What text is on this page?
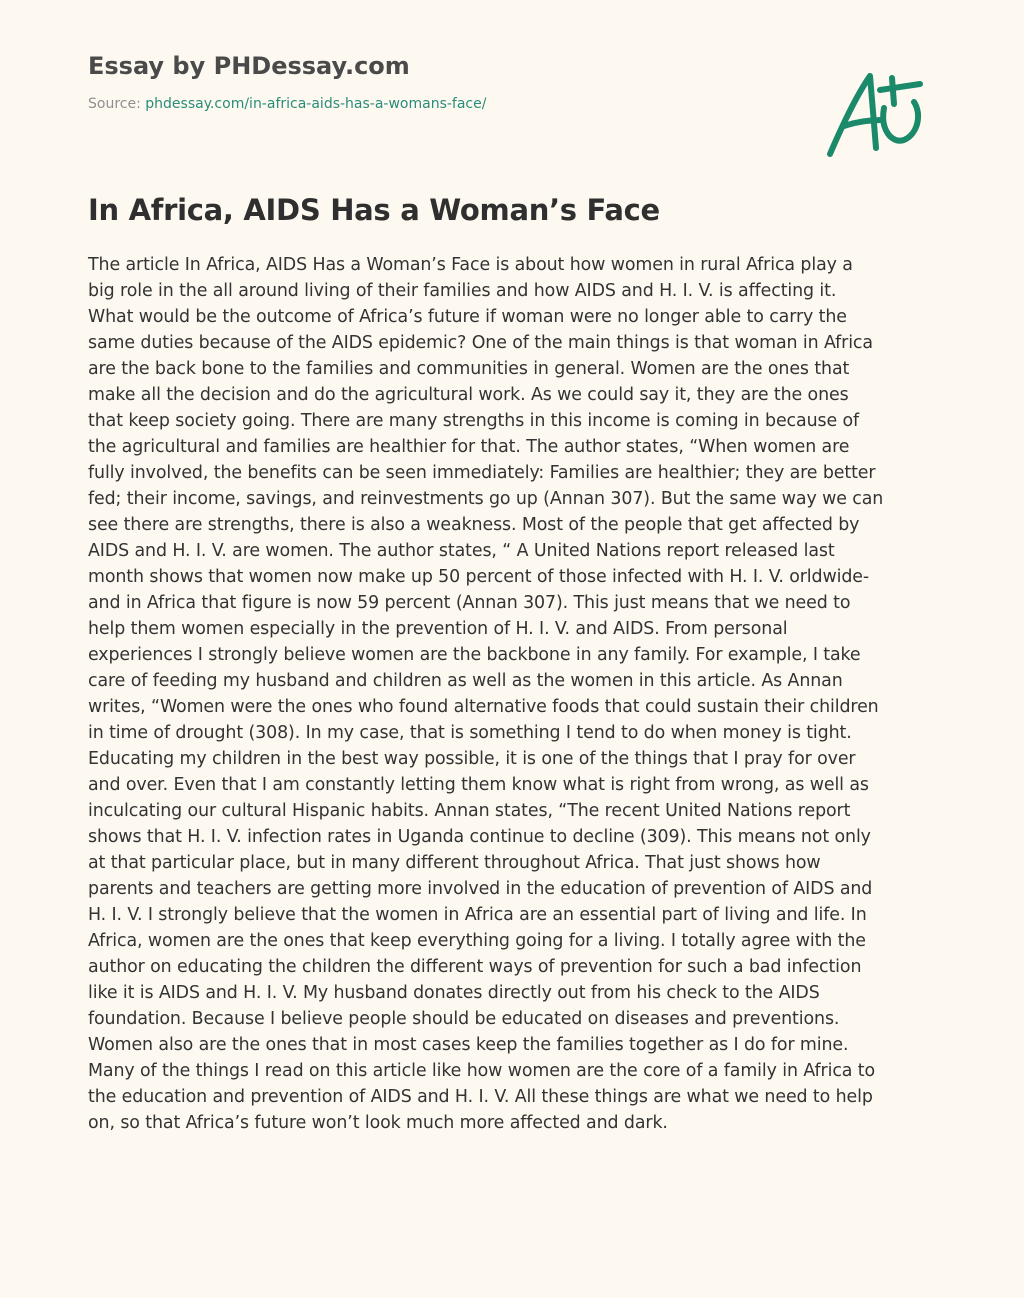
Essay by PHDessay.com
Source: phdessay.com/in-africa-aids-has-a-womans-face/
In Africa, AIDS Has a Woman’s Face
The article In Africa, AIDS Has a Woman’s Face is about how women in rural Africa play a
big role in the all around living of their families and how AIDS and H. I. V. is affecting it.
What would be the outcome of Africa’s future if woman were no longer able to carry the
same duties because of the AIDS epidemic? One of the main things is that woman in Africa
are the back bone to the families and communities in general. Women are the ones that
make all the decision and do the agricultural work. As we could say it, they are the ones
that keep society going. There are many strengths in this income is coming in because of
the agricultural and families are healthier for that. The author states, “When women are
fully involved, the benefits can be seen immediately: Families are healthier; they are better
fed; their income, savings, and reinvestments go up (Annan 307). But the same way we can
see there are strengths, there is also a weakness. Most of the people that get affected by
AIDS and H. I. V. are women. The author states, “ A United Nations report released last
month shows that women now make up 50 percent of those infected with H. I. V. orldwide-
and in Africa that figure is now 59 percent (Annan 307). This just means that we need to
help them women especially in the prevention of H. I. V. and AIDS. From personal
experiences I strongly believe women are the backbone in any family. For example, I take
care of feeding my husband and children as well as the women in this article. As Annan
writes, “Women were the ones who found alternative foods that could sustain their children
in time of drought (308). In my case, that is something I tend to do when money is tight.
Educating my children in the best way possible, it is one of the things that I pray for over
and over. Even that I am constantly letting them know what is right from wrong, as well as
inculcating our cultural Hispanic habits. Annan states, “The recent United Nations report
shows that H. I. V. infection rates in Uganda continue to decline (309). This means not only
at that particular place, but in many different throughout Africa. That just shows how
parents and teachers are getting more involved in the education of prevention of AIDS and
H. I. V. I strongly believe that the women in Africa are an essential part of living and life. In
Africa, women are the ones that keep everything going for a living. I totally agree with the
author on educating the children the different ways of prevention for such a bad infection
like it is AIDS and H. I. V. My husband donates directly out from his check to the AIDS
foundation. Because I believe people should be educated on diseases and preventions.
Women also are the ones that in most cases keep the families together as I do for mine.
Many of the things I read on this article like how women are the core of a family in Africa to
the education and prevention of AIDS and H. I. V. All these things are what we need to help
on, so that Africa’s future won’t look much more affected and dark.
